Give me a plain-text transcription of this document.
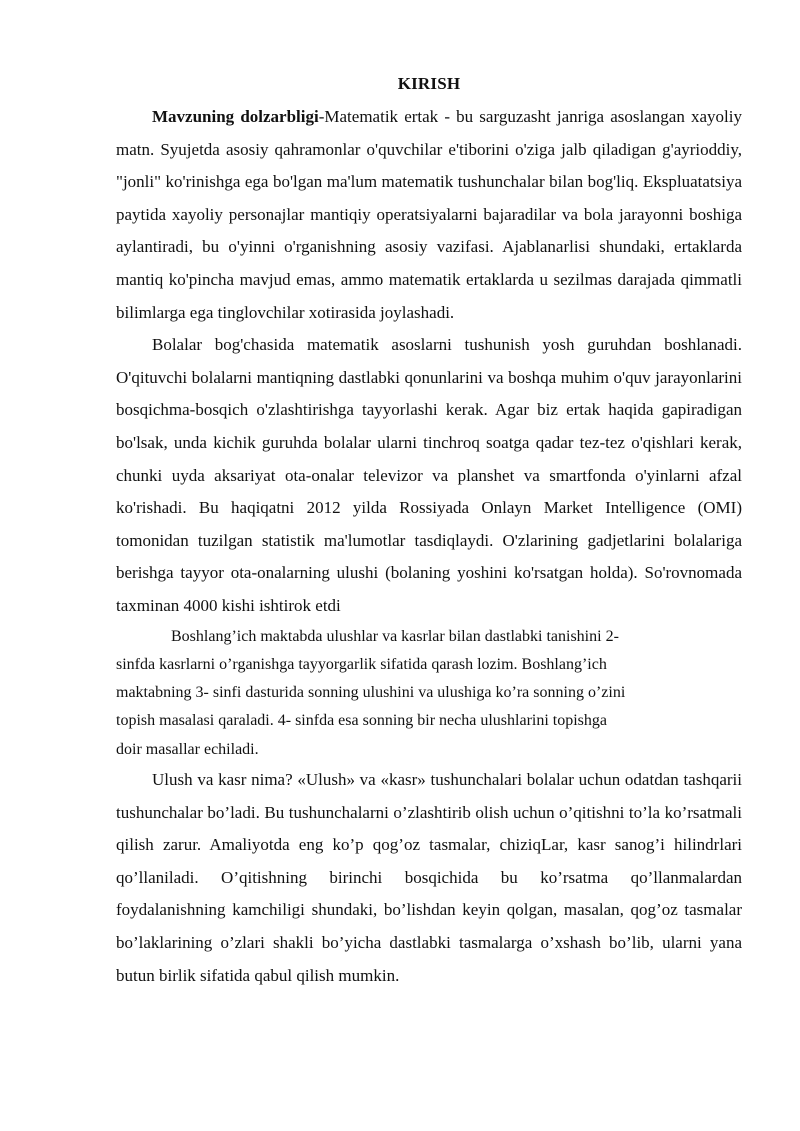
KIRISH

Mavzuning dolzarbligi-Matematik ertak - bu sarguzasht janriga asoslangan xayoliy matn. Syujetda asosiy qahramonlar o'quvchilar e'tiborini o'ziga jalb qiladigan g'ayrioddiy, "jonli" ko'rinishga ega bo'lgan ma'lum matematik tushunchalar bilan bog'liq. Ekspluatatsiya paytida xayoliy personajlar mantiqiy operatsiyalarni bajaradilar va bola jarayonni boshiga aylantiradi, bu o'yinni o'rganishning asosiy vazifasi. Ajablanarlisi shundaki, ertaklarda mantiq ko'pincha mavjud emas, ammo matematik ertaklarda u sezilmas darajada qimmatli bilimlarga ega tinglovchilar xotirasida joylashadi.

Bolalar bog'chasida matematik asoslarni tushunish yosh guruhdan boshlanadi. O'qituvchi bolalarni mantiqning dastlabki qonunlarini va boshqa muhim o'quv jarayonlarini bosqichma-bosqich o'zlashtirishga tayyorlashi kerak. Agar biz ertak haqida gapiradigan bo'lsak, unda kichik guruhda bolalar ularni tinchroq soatga qadar tez-tez o'qishlari kerak, chunki uyda aksariyat ota-onalar televizor va planshet va smartfonda o'yinlarni afzal ko'rishadi. Bu haqiqatni 2012 yilda Rossiyada Onlayn Market Intelligence (OMI) tomonidan tuzilgan statistik ma'lumotlar tasdiqlaydi. O'zlarining gadjetlarini bolalariga berishga tayyor ota-onalarning ulushi (bolaning yoshini ko'rsatgan holda). So'rovnomada taxminan 4000 kishi ishtirok etdi

Boshlang’ich maktabda ulushlar va kasrlar bilan dastlabki tanishini 2-
sinfda kasrlarni o’rganishga tayyorgarlik sifatida qarash lozim. Boshlang’ich
maktabning 3- sinfi dasturida sonning ulushini va ulushiga ko’ra sonning o’zini
topish masalasi qaraladi. 4- sinfda esa sonning bir necha ulushlarini topishga
doir masallar echiladi.

Ulush va kasr nima? «Ulush» va «kasr» tushunchalari bolalar uchun odatdan tashqarii tushunchalar bo’ladi. Bu tushunchalarni o’zlashtirib olish uchun o’qitishni to’la ko’rsatmali qilish zarur. Amaliyotda eng ko’p qog’oz tasmalar, chiziqLar, kasr sanog’i hilindrlari qo’llaniladi. O’qitishning birinchi bosqichida bu ko’rsatma qo’llanmalardan foydalanishning kamchiligi shundaki, bo’lishdan keyin qolgan, masalan, qog’oz tasmalar bo’laklarining o’zlari shakli bo’yicha dastlabki tasmalarga o’xshash bo’lib, ularni yana butun birlik sifatida qabul qilish mumkin.
